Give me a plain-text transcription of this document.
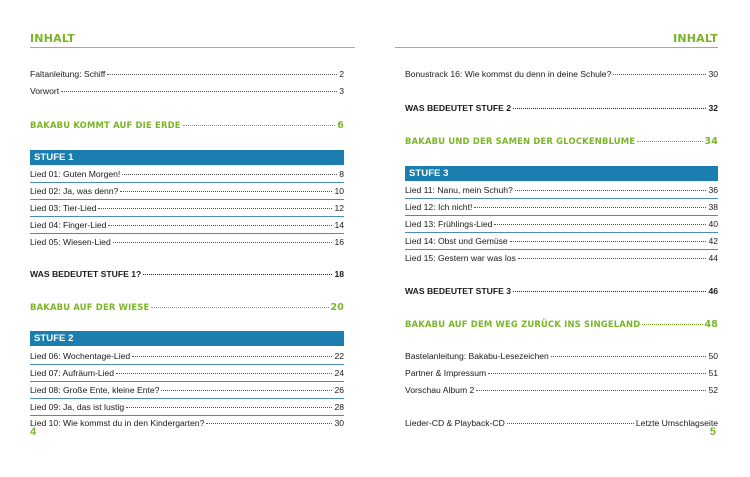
INHALT
Faltanleitung: Schiff	2
Vorwort	3
BAKABU KOMMT AUF DIE ERDE	6
STUFE 1
Lied 01: Guten Morgen!	8
Lied 02: Ja, was denn?	10
Lied 03: Tier-Lied	12
Lied 04: Finger-Lied	14
Lied 05: Wiesen-Lied	16
WAS BEDEUTET STUFE 1?	18
BAKABU AUF DER WIESE	20
STUFE 2
Lied 06: Wochentage-Lied	22
Lied 07: Aufräum-Lied	24
Lied 08: Große Ente, kleine Ente?	26
Lied 09: Ja, das ist lustig	28
Lied 10: Wie kommst du in den Kindergarten?	30
4
INHALT
Bonustrack 16: Wie kommst du denn in deine Schule?	30
WAS BEDEUTET STUFE 2	32
BAKABU UND DER SAMEN DER GLOCKENBLUME	34
STUFE 3
Lied 11: Nanu, mein Schuh?	36
Lied 12: Ich nicht!	38
Lied 13: Frühlings-Lied	40
Lied 14: Obst und Gemüse	42
Lied 15: Gestern war was los	44
WAS BEDEUTET STUFE 3	46
BAKABU AUF DEM WEG ZURÜCK INS SINGELAND	48
Bastelanleitung: Bakabu-Lesezeichen	50
Partner & Impressum	51
Vorschau Album 2	52
Lieder-CD & Playback-CD	Letzte Umschlagseite
5
